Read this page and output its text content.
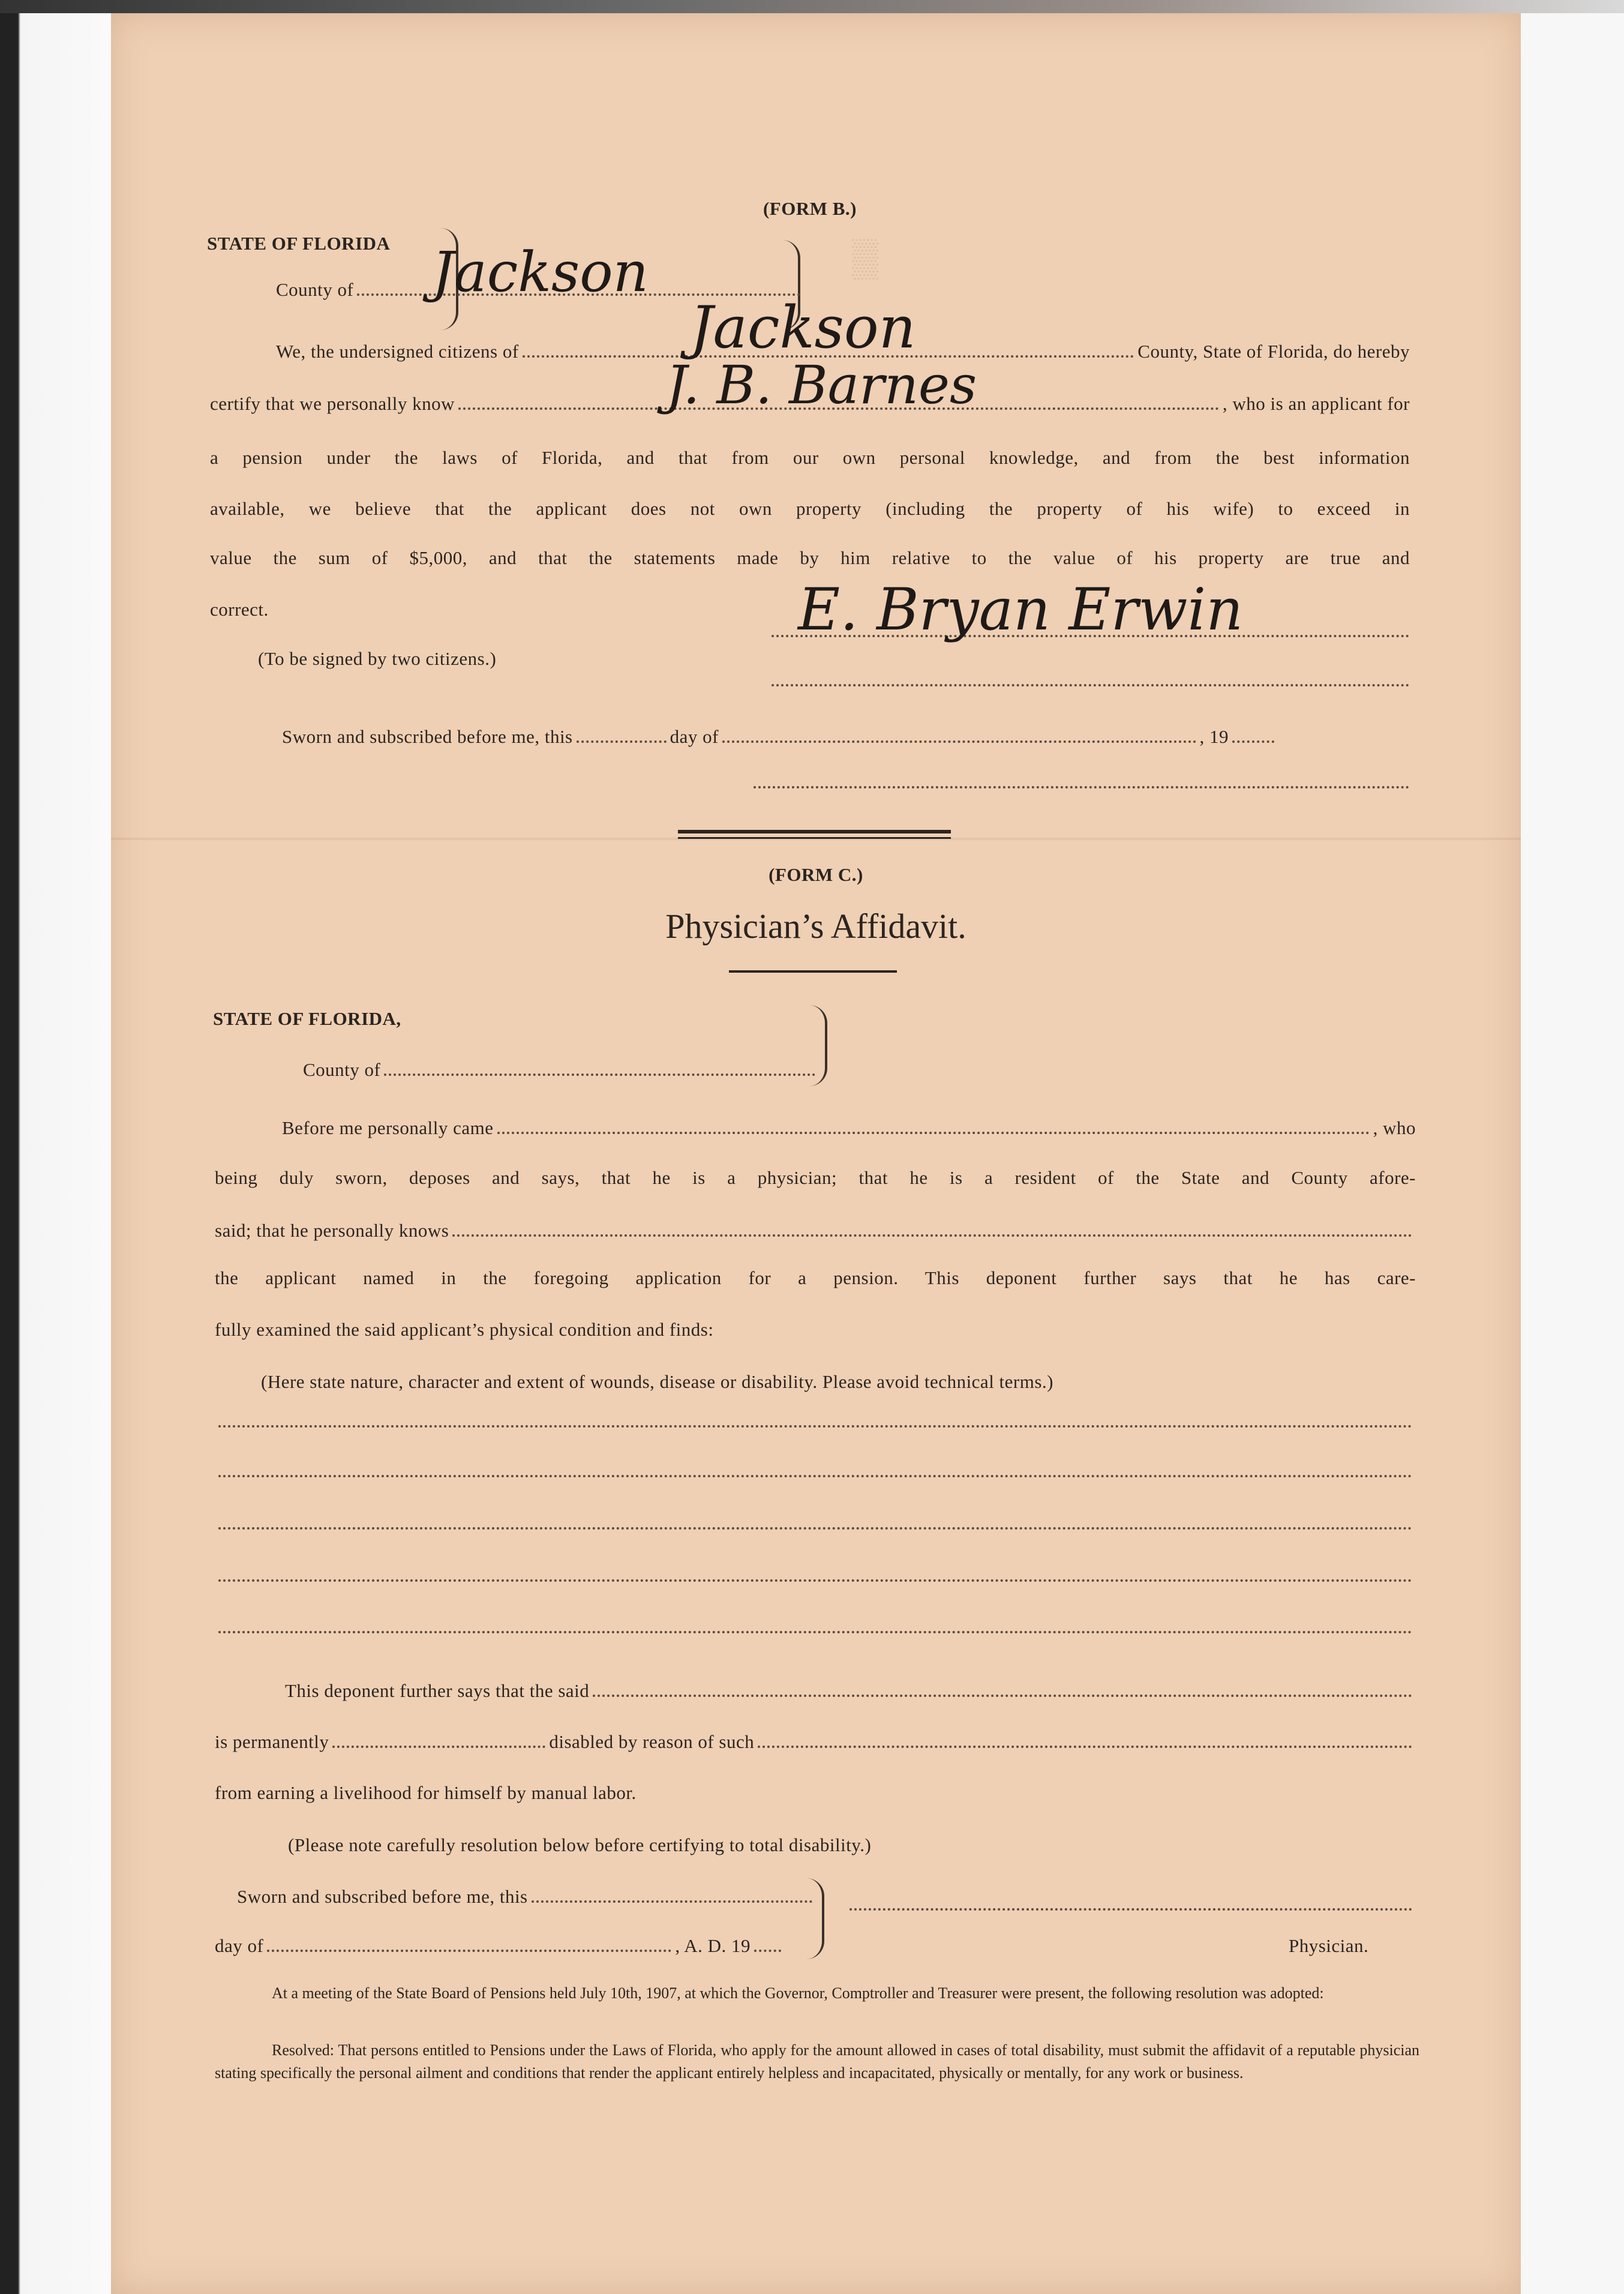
▒
(FORM B.)
STATE OF FLORIDA
County of Jackson
We, the undersigned citizens of	County, State of Florida, do hereby
Jackson
certify that we personally know	, who is an applicant for
J. B. Barnes
a pension under the laws of Florida, and that from our own personal knowledge, and from the best information
available, we believe that the applicant does not own property (including the property of his wife) to exceed in
value the sum of $5,000, and that the statements made by him relative to the value of his property are true and
correct.	E. Bryan Erwin
(To be signed by two citizens.)
Sworn and subscribed before me, this	day of	, 19
(FORM C.)
Physician’s Affidavit.
STATE OF FLORIDA,
County of
Before me personally came	, who
being duly sworn, deposes and says, that he is a physician; that he is a resident of the State and County afore-
said; that he personally knows
the applicant named in the foregoing application for a pension. This deponent further says that he has care-
fully examined the said applicant’s physical condition and finds:
(Here state nature, character and extent of wounds, disease or disability. Please avoid technical terms.)
This deponent further says that the said
is permanently	disabled by reason of such
from earning a livelihood for himself by manual labor.
(Please note carefully resolution below before certifying to total disability.)
Sworn and subscribed before me, this
day of	, A. D. 19	Physician.
At a meeting of the State Board of Pensions held July 10th, 1907, at which the Governor, Comptroller and Treasurer were present, the following resolution was adopted:
Resolved: That persons entitled to Pensions under the Laws of Florida, who apply for the amount allowed in cases of total disability, must submit the affidavit of a reputable physician stating specifically the personal ailment and conditions that render the applicant entirely helpless and incapacitated, physically or mentally, for any work or business.
